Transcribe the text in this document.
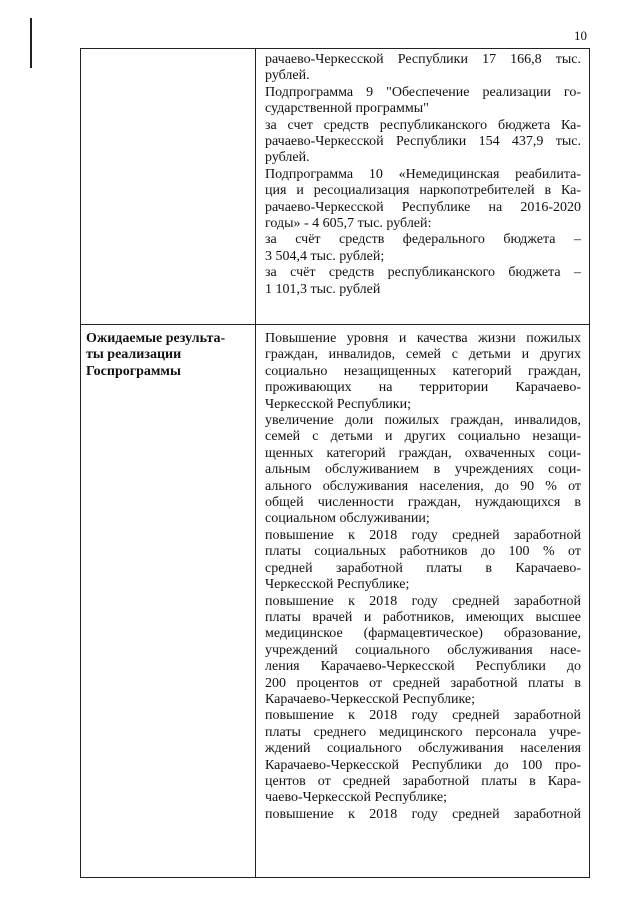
10
рачаево-Черкесской Республики 17 166,8 тыс.
рублей.
Подпрограмма 9 "Обеспечение реализации го-
сударственной программы"
за счет средств республиканского бюджета Ка-
рачаево-Черкесской Республики 154 437,9 тыс.
рублей.
Подпрограмма 10 «Немедицинская реабилита-
ция и ресоциализация наркопотребителей в Ка-
рачаево-Черкесской Республике на 2016-2020
годы» - 4 605,7 тыс. рублей:
за счёт средств федерального бюджета –
3 504,4 тыс. рублей;
за счёт средств республиканского бюджета –
1 101,3 тыс. рублей
Ожидаемые результа-
ты реализации
Госпрограммы
Повышение уровня и качества жизни пожилых
граждан, инвалидов, семей с детьми и других
социально незащищенных категорий граждан,
проживающих на территории Карачаево-
Черкесской Республики;
увеличение доли пожилых граждан, инвалидов,
семей с детьми и других социально незащи-
щенных категорий граждан, охваченных соци-
альным обслуживанием в учреждениях соци-
ального обслуживания населения, до 90 % от
общей численности граждан, нуждающихся в
социальном обслуживании;
повышение к 2018 году средней заработной
платы социальных работников до 100 % от
средней заработной платы в Карачаево-
Черкесской Республике;
повышение к 2018 году средней заработной
платы врачей и работников, имеющих высшее
медицинское (фармацевтическое) образование,
учреждений социального обслуживания насе-
ления Карачаево-Черкесской Республики до
200 процентов от средней заработной платы в
Карачаево-Черкесской Республике;
повышение к 2018 году средней заработной
платы среднего медицинского персонала учре-
ждений социального обслуживания населения
Карачаево-Черкесской Республики до 100 про-
центов от средней заработной платы в Кара-
чаево-Черкесской Республике;
повышение к 2018 году средней заработной
